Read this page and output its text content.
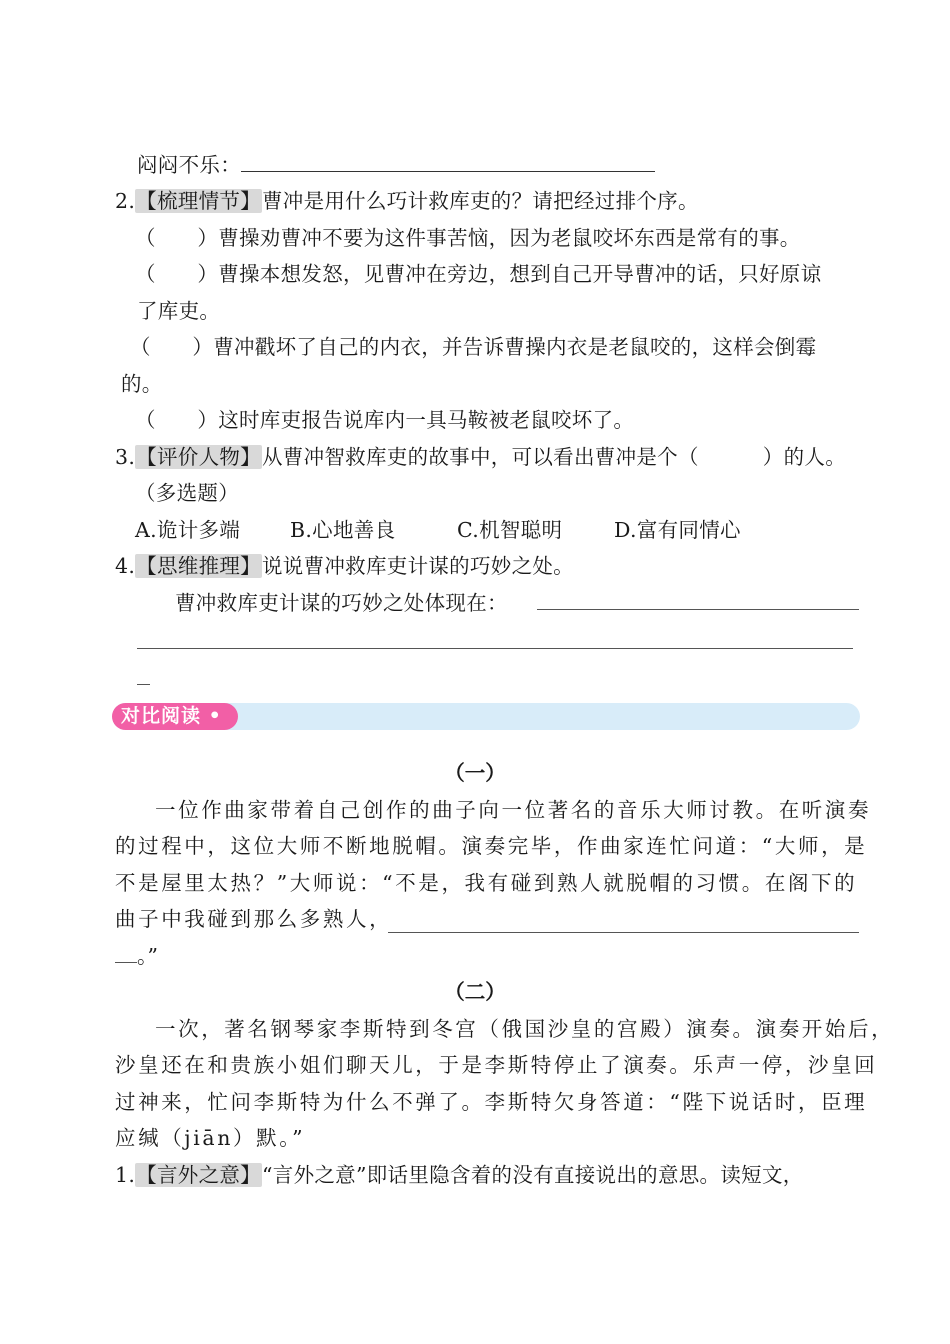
闷闷不乐：
2.【梳理情节】曹冲是用什么巧计救库吏的？请把经过排个序。
（　　）曹操劝曹冲不要为这件事苦恼，因为老鼠咬坏东西是常有的事。
（　　）曹操本想发怒，见曹冲在旁边，想到自己开导曹冲的话，只好原谅
了库吏。
（　　）曹冲戳坏了自己的内衣，并告诉曹操内衣是老鼠咬的，这样会倒霉
的。
（　　）这时库吏报告说库内一具马鞍被老鼠咬坏了。
3.【评价人物】从曹冲智救库吏的故事中，可以看出曹冲是个（	）的人。
（多选题）
A.诡计多端 B.心地善良	C.机智聪明	D.富有同情心
4.【思维推理】说说曹冲救库吏计谋的巧妙之处。
曹冲救库吏计谋的巧妙之处体现在：
对比阅读 •
（一）
一位作曲家带着自己创作的曲子向一位著名的音乐大师讨教。在听演奏
的过程中，这位大师不断地脱帽。演奏完毕，作曲家连忙问道：“大师，是
不是屋里太热？”大师说：“不是，我有碰到熟人就脱帽的习惯。在阁下的
曲子中我碰到那么多熟人，
。”
（二）
一次，著名钢琴家李斯特到冬宫（俄国沙皇的宫殿）演奏。演奏开始后，
沙皇还在和贵族小姐们聊天儿，于是李斯特停止了演奏。乐声一停，沙皇回
过神来，忙问李斯特为什么不弹了。李斯特欠身答道：“陛下说话时，臣理
应缄（jiān）默。”
1.【言外之意】“言外之意”即话里隐含着的没有直接说出的意思。读短文，
